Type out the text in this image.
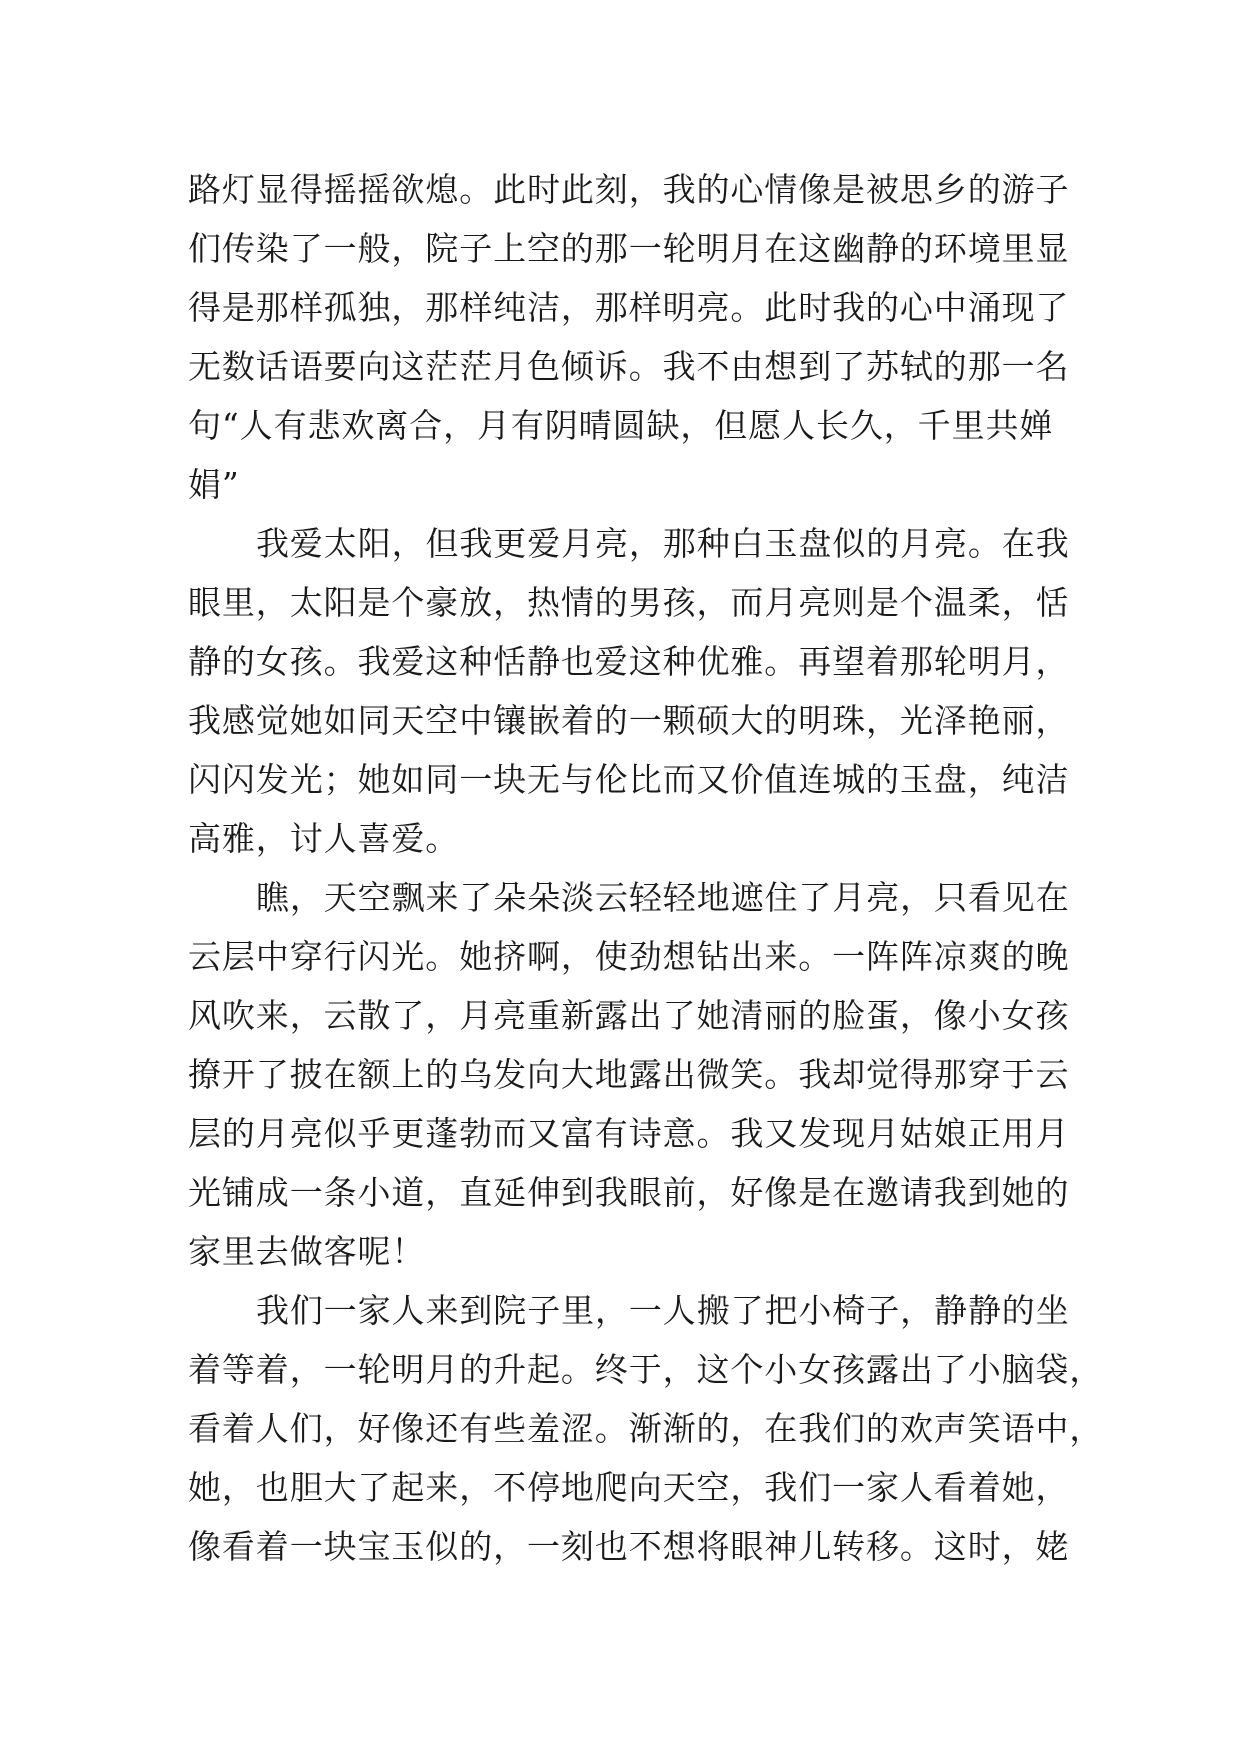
路灯显得摇摇欲熄。此时此刻，我的心情像是被思乡的游子
们传染了一般，院子上空的那一轮明月在这幽静的环境里显
得是那样孤独，那样纯洁，那样明亮。此时我的心中涌现了
无数话语要向这茫茫月色倾诉。我不由想到了苏轼的那一名
句“人有悲欢离合，月有阴晴圆缺，但愿人长久，千里共婵
娟”
我爱太阳，但我更爱月亮，那种白玉盘似的月亮。在我
眼里，太阳是个豪放，热情的男孩，而月亮则是个温柔，恬
静的女孩。我爱这种恬静也爱这种优雅。再望着那轮明月，
我感觉她如同天空中镶嵌着的一颗硕大的明珠，光泽艳丽，
闪闪发光；她如同一块无与伦比而又价值连城的玉盘，纯洁
高雅，讨人喜爱。
瞧，天空飘来了朵朵淡云轻轻地遮住了月亮，只看见在
云层中穿行闪光。她挤啊，使劲想钻出来。一阵阵凉爽的晚
风吹来，云散了，月亮重新露出了她清丽的脸蛋，像小女孩
撩开了披在额上的乌发向大地露出微笑。我却觉得那穿于云
层的月亮似乎更蓬勃而又富有诗意。我又发现月姑娘正用月
光铺成一条小道，直延伸到我眼前，好像是在邀请我到她的
家里去做客呢！
我们一家人来到院子里，一人搬了把小椅子，静静的坐
着等着，一轮明月的升起。终于，这个小女孩露出了小脑袋，
看着人们，好像还有些羞涩。渐渐的，在我们的欢声笑语中，
她，也胆大了起来，不停地爬向天空，我们一家人看着她，
像看着一块宝玉似的，一刻也不想将眼神儿转移。这时，姥
